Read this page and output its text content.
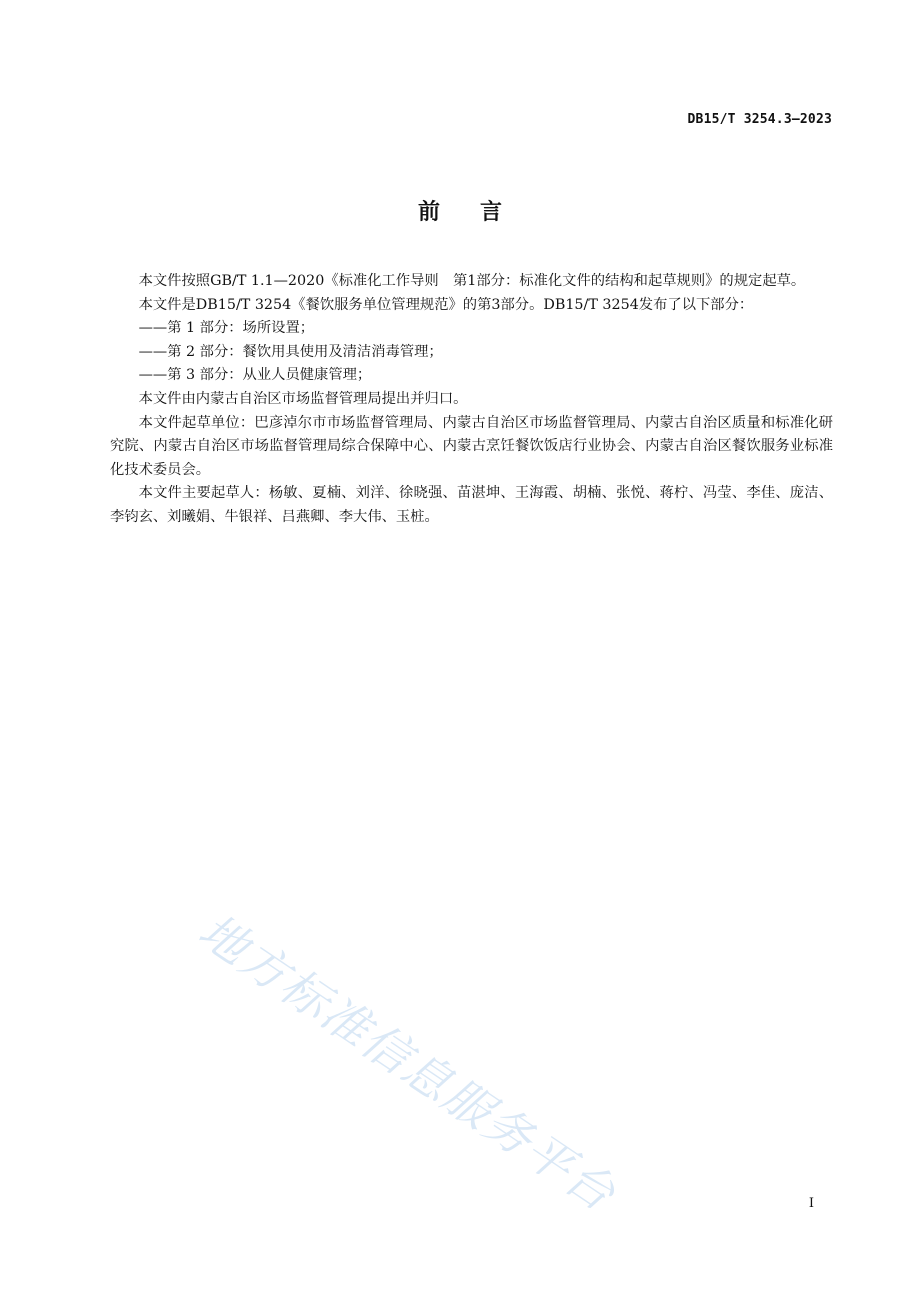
DB15/T 3254.3—2023
前言

本文件按照GB/T 1.1—2020《标准化工作导则　第1部分：标准化文件的结构和起草规则》的规定起草。

本文件是DB15/T 3254《餐饮服务单位管理规范》的第3部分。DB15/T 3254发布了以下部分：

——第 1 部分：场所设置；

——第 2 部分：餐饮用具使用及清洁消毒管理；

——第 3 部分：从业人员健康管理；

本文件由内蒙古自治区市场监督管理局提出并归口。

本文件起草单位：巴彦淖尔市市场监督管理局、内蒙古自治区市场监督管理局、内蒙古自治区质量和标准化研究院、内蒙古自治区市场监督管理局综合保障中心、内蒙古烹饪餐饮饭店行业协会、内蒙古自治区餐饮服务业标准化技术委员会。

本文件主要起草人：杨敏、夏楠、刘洋、徐晓强、苗湛坤、王海霞、胡楠、张悦、蒋柠、冯莹、李佳、庞洁、李钧玄、刘曦娟、牛银祥、吕燕卿、李大伟、玉桩。

地方标准信息服务平台	I
